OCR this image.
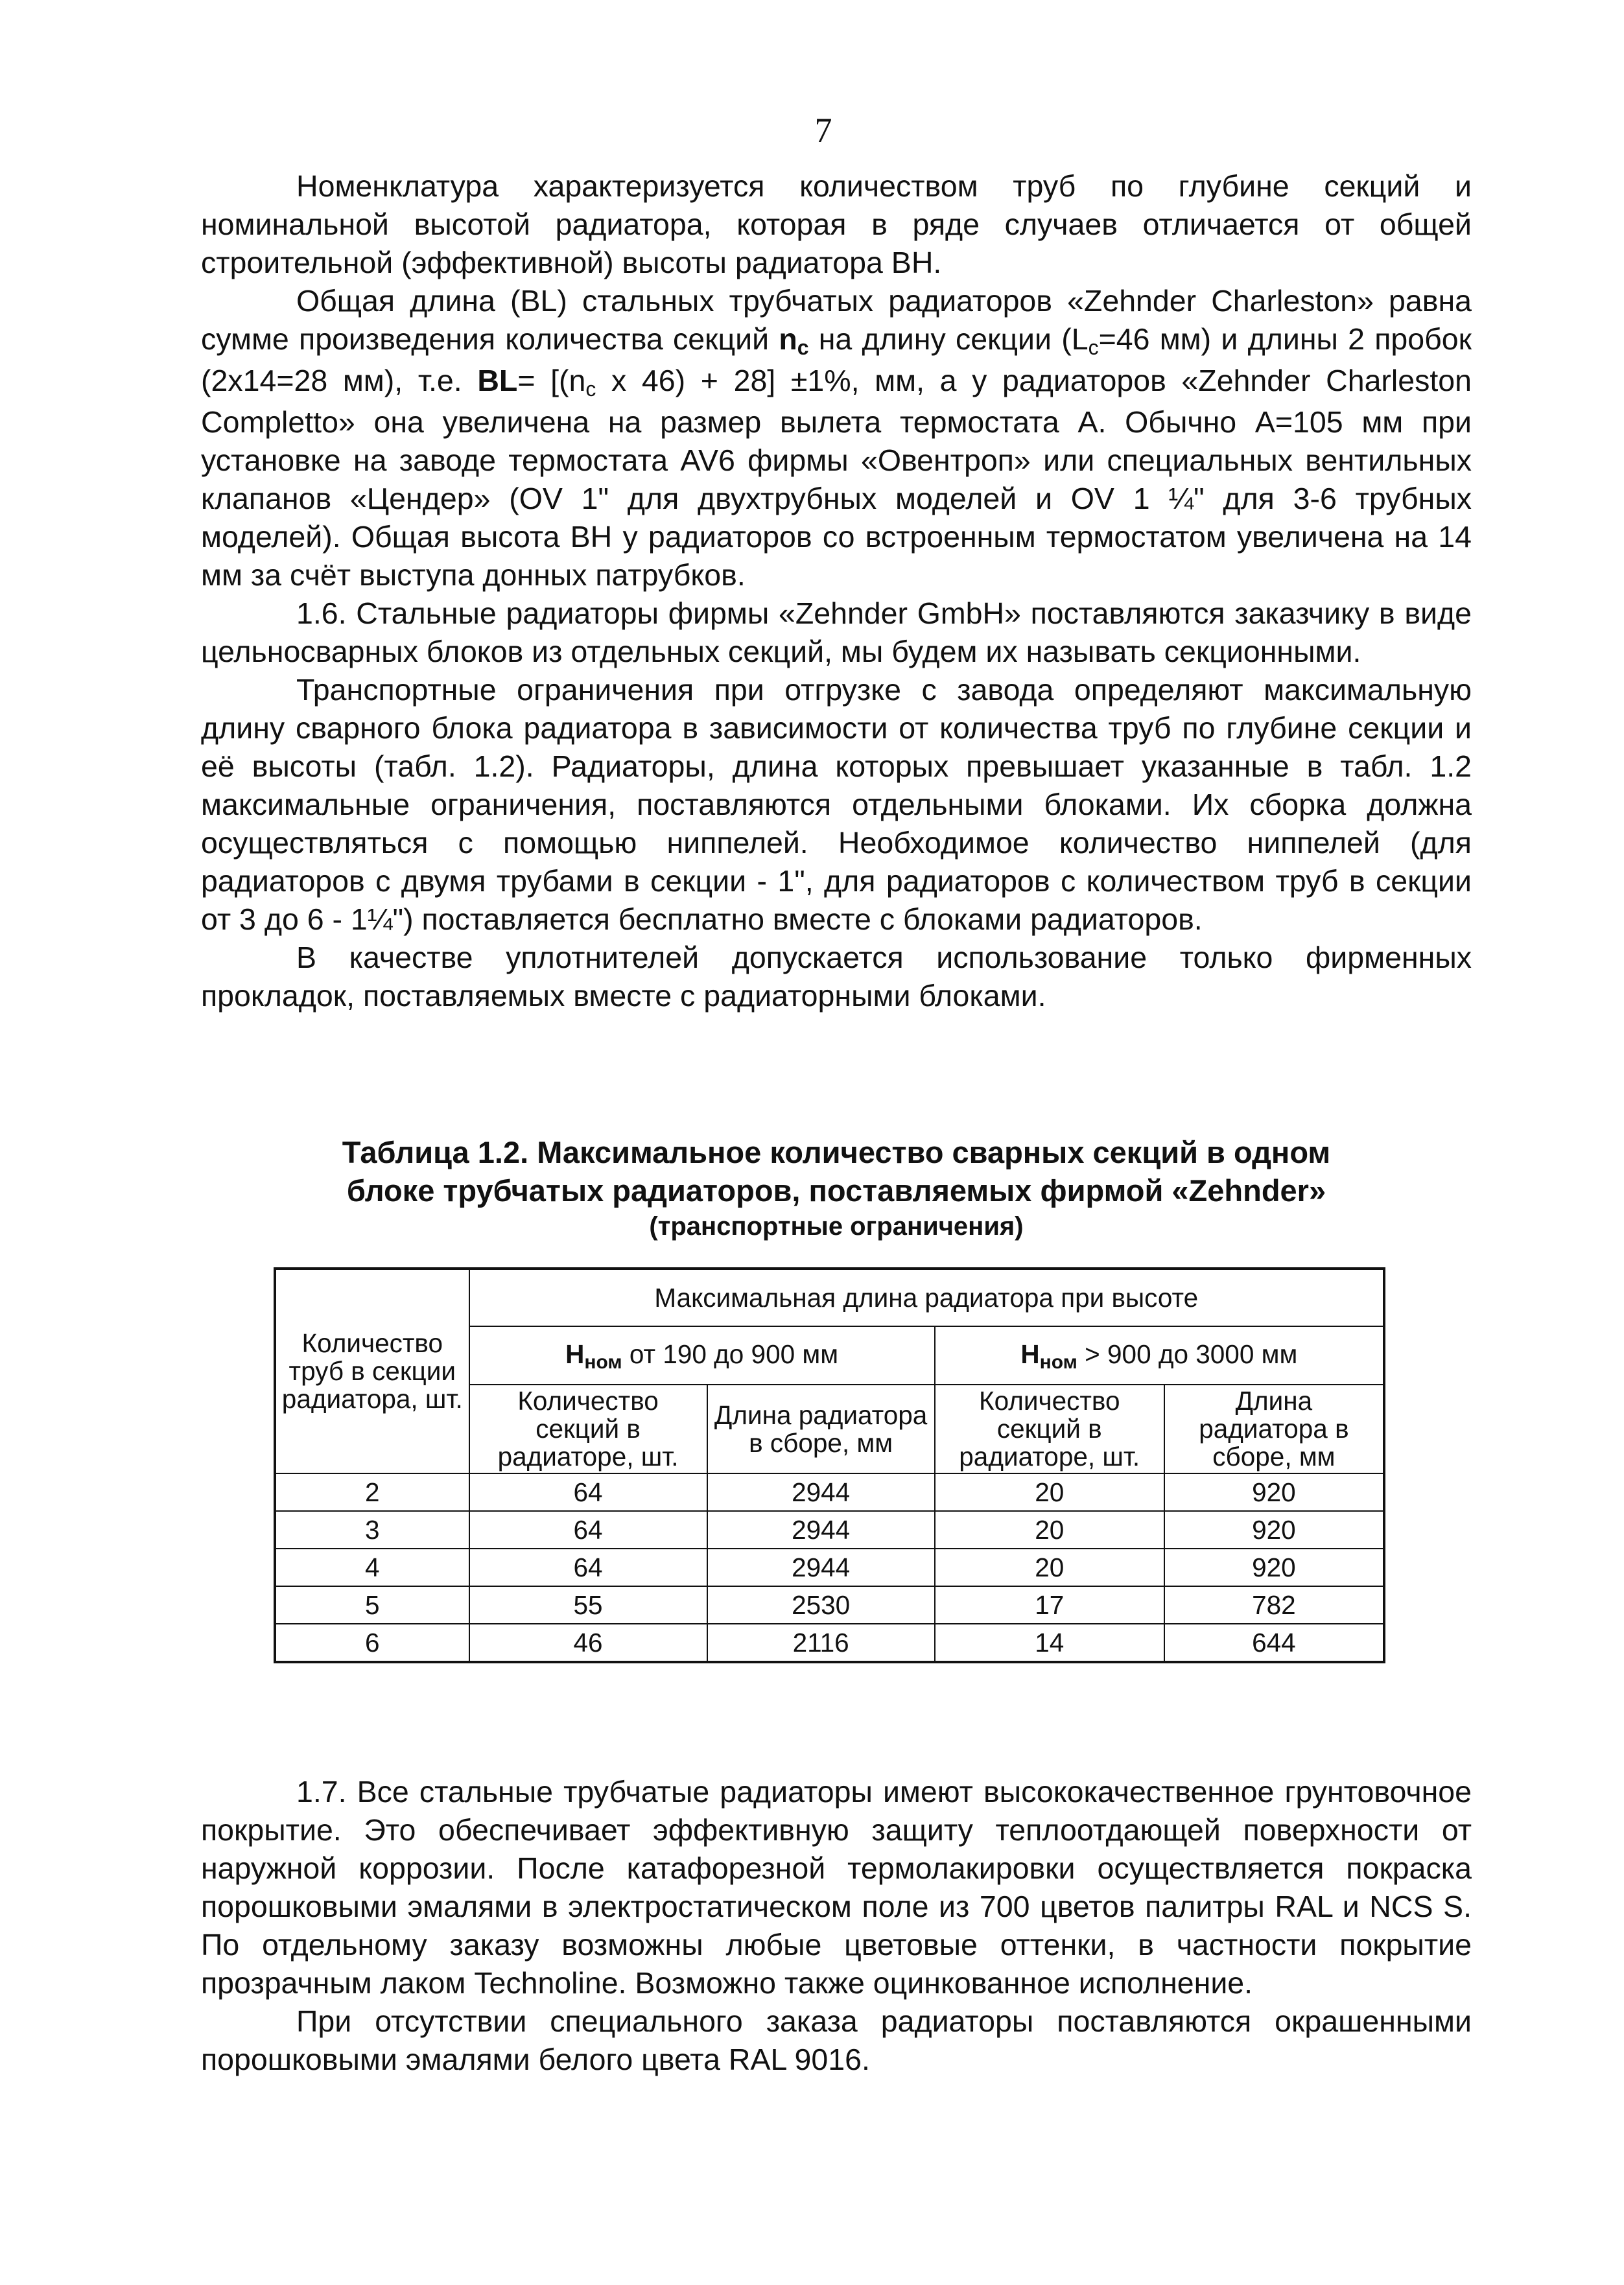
7

Номенклатура характеризуется количеством труб по глубине секций и номинальной высотой радиатора, которая в ряде случаев отличается от общей строительной (эффективной) высоты радиатора ВН.

Общая длина (BL) стальных трубчатых радиаторов «Zehnder Charleston» равна сумме произведения количества секций nc на длину секции (Lc=46 мм) и длины 2 пробок (2х14=28 мм), т.е. BL= [(nc х 46) + 28] ±1%, мм, а у радиаторов «Zehnder Charleston Completto» она увеличена на размер вылета термостата А. Обычно А=105 мм при установке на заводе термостата AV6 фирмы «Овентроп» или специальных вентильных клапанов «Цендер» (OV 1" для двухтрубных моделей и OV 1 ¼" для 3-6 трубных моделей). Общая высота ВН у радиаторов со встроенным термостатом увеличена на 14 мм за счёт выступа донных патрубков.

1.6. Стальные радиаторы фирмы «Zehnder GmbH» поставляются заказчику в виде цельносварных блоков из отдельных секций, мы будем их называть секционными.

Транспортные ограничения при отгрузке с завода определяют максимальную длину сварного блока радиатора в зависимости от количества труб по глубине секции и её высоты (табл. 1.2). Радиаторы, длина которых превышает указанные в табл. 1.2 максимальные ограничения, поставляются отдельными блоками. Их сборка должна осуществляться с помощью ниппелей. Необходимое количество ниппелей (для радиаторов с двумя трубами в секции - 1", для радиаторов с количеством труб в секции от 3 до 6 - 1¼") поставляется бесплатно вместе с блоками радиаторов.

В качестве уплотнителей допускается использование только фирменных прокладок, поставляемых вместе с радиаторными блоками.

Таблица 1.2. Максимальное количество сварных секций в одном
блоке трубчатых радиаторов, поставляемых фирмой «Zehnder»
(транспортные ограничения)
Количество труб в секции радиатора, шт.	Максимальная длина радиатора при высоте			
	Hном от 190 до 900 мм		Hном > 900 до 3000 мм	
	Количество секций в радиаторе, шт.	Длина радиатора в сборе, мм	Количество секций в радиаторе, шт.	Длина радиатора в сборе, мм
2	64	2944	20	920
3	64	2944	20	920
4	64	2944	20	920
5	55	2530	17	782
6	46	2116	14	644

1.7. Все стальные трубчатые радиаторы имеют высококачественное грунтовочное покрытие. Это обеспечивает эффективную защиту теплоотдающей поверхности от наружной коррозии. После катафорезной термолакировки осуществляется покраска порошковыми эмалями в электростатическом поле из 700 цветов палитры RAL и NCS S. По отдельному заказу возможны любые цветовые оттенки, в частности покрытие прозрачным лаком Technoline. Возможно также оцинкованное исполнение.

При отсутствии специального заказа радиаторы поставляются окрашенными порошковыми эмалями белого цвета RAL 9016.
